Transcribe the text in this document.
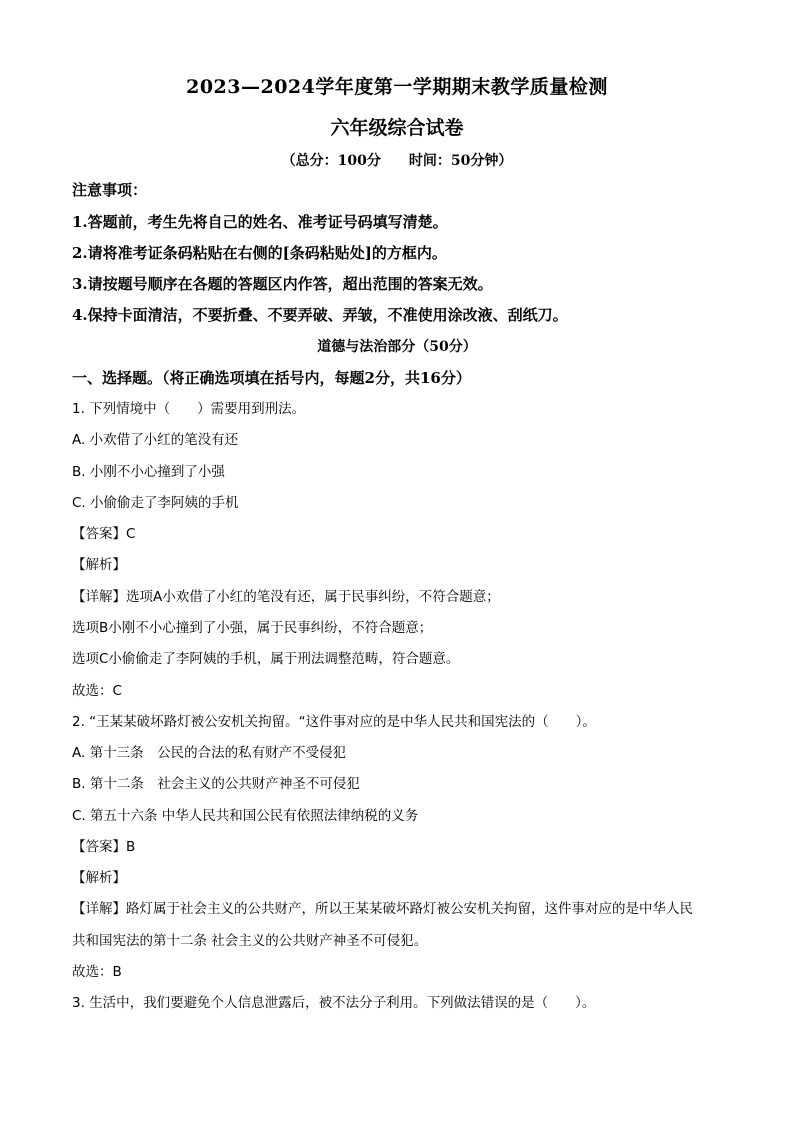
2023—2024学年度第一学期期末教学质量检测
六年级综合试卷
（总分：100分　　时间：50分钟）
注意事项：
1.答题前，考生先将自己的姓名、准考证号码填写清楚。
2.请将准考证条码粘贴在右侧的[条码粘贴处]的方框内。
3.请按题号顺序在各题的答题区内作答，超出范围的答案无效。
4.保持卡面清洁，不要折叠、不要弄破、弄皱，不准使用涂改液、刮纸刀。
道德与法治部分（50分）
一、选择题。（将正确选项填在括号内，每题2分，共16分）
1. 下列情境中（　　）需要用到刑法。
A. 小欢借了小红的笔没有还
B. 小刚不小心撞到了小强
C. 小偷偷走了李阿姨的手机
【答案】C
【解析】
【详解】选项A小欢借了小红的笔没有还，属于民事纠纷，不符合题意；
选项B小刚不小心撞到了小强，属于民事纠纷，不符合题意；
选项C小偷偷走了李阿姨的手机，属于刑法调整范畴，符合题意。
故选：C
2. “王某某破坏路灯被公安机关拘留。“这件事对应的是中华人民共和国宪法的（　　）。
A. 第十三条　公民的合法的私有财产不受侵犯
B. 第十二条　社会主义的公共财产神圣不可侵犯
C. 第五十六条 中华人民共和国公民有依照法律纳税的义务
【答案】B
【解析】
【详解】路灯属于社会主义的公共财产，所以王某某破坏路灯被公安机关拘留，这件事对应的是中华人民
共和国宪法的第十二条 社会主义的公共财产神圣不可侵犯。
故选：B
3. 生活中，我们要避免个人信息泄露后，被不法分子利用。下列做法错误的是（　　）。
